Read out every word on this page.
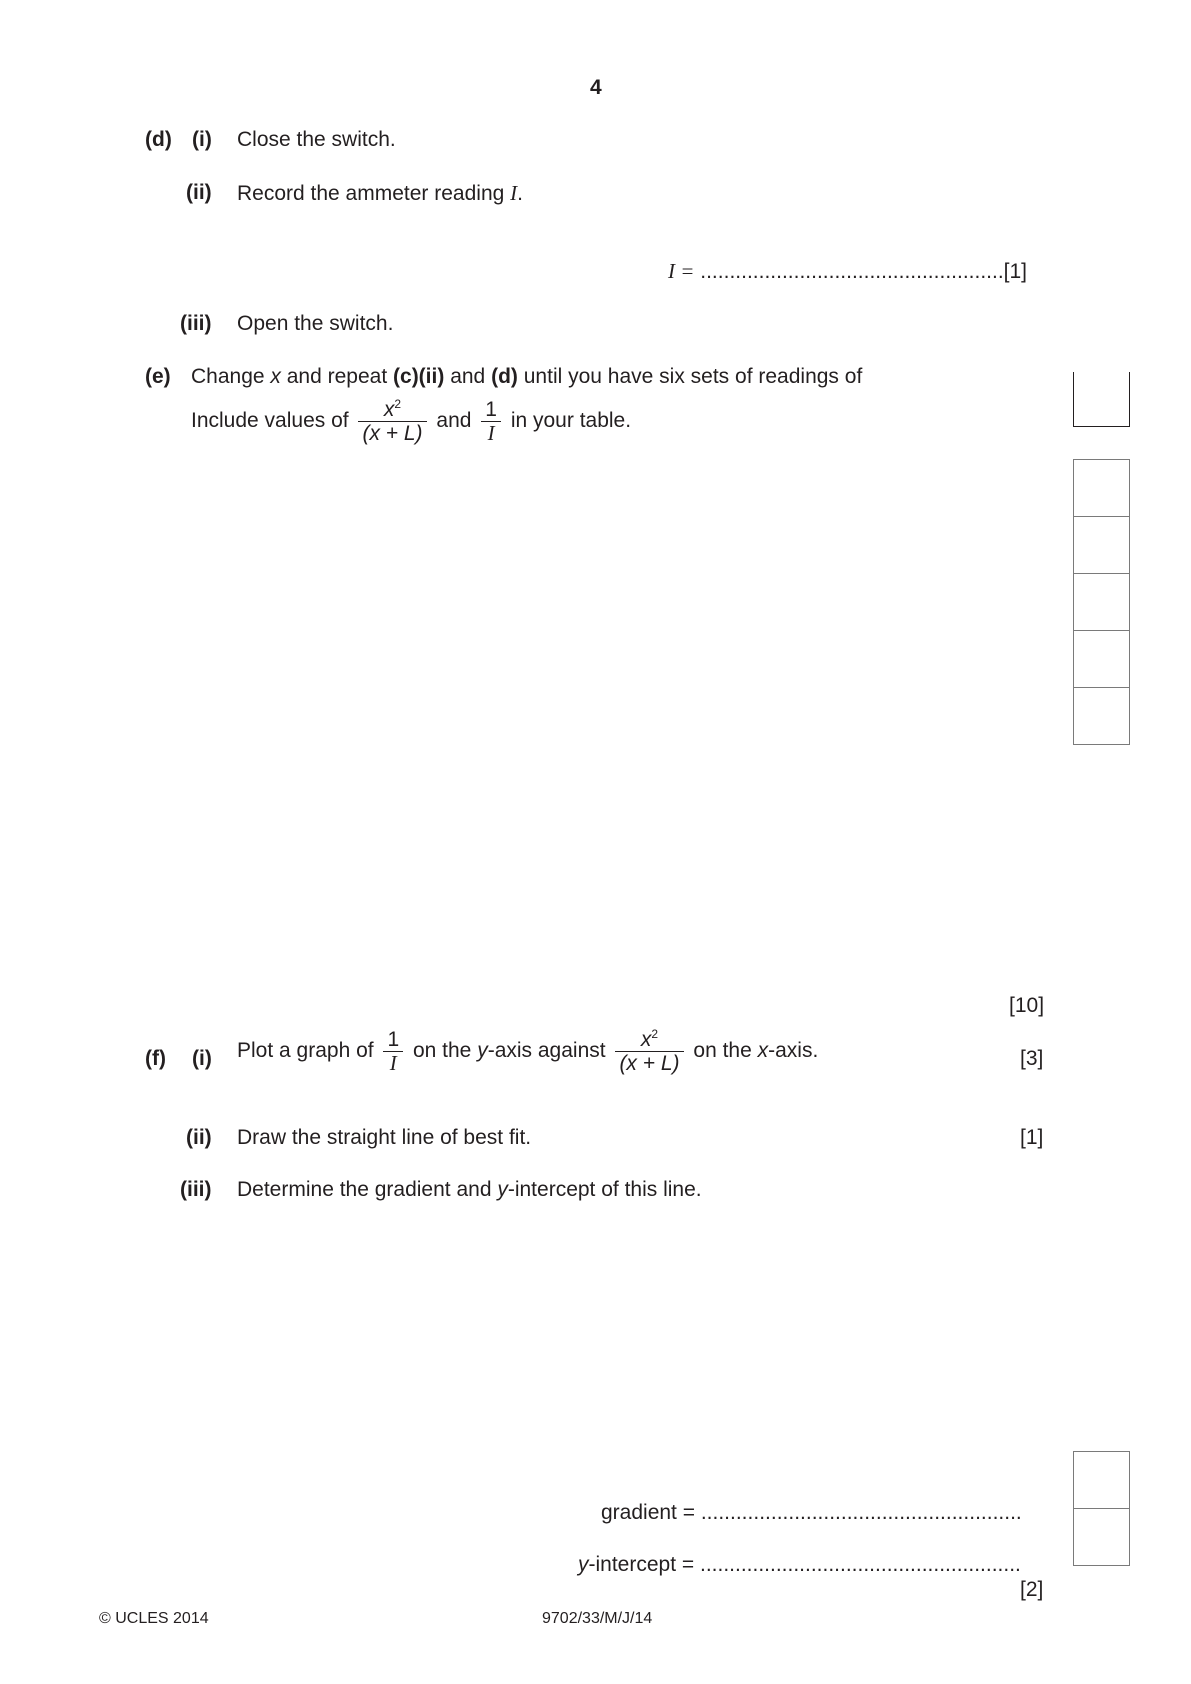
4
(d) (i) Close the switch.
(ii) Record the ammeter reading I.
I = ....................................................[1]
(iii) Open the switch.
(e) Change x and repeat (c)(ii) and (d) until you have six sets of readings of
Include values of $\frac{x^2}{(x + L)}$ and $\frac{1}{I}$ in your table.
[10]
(f) (i) Plot a graph of $\frac{1}{I}$ on the y-axis against $\frac{x^2}{(x + L)}$ on the x-axis.	[3]
(ii) Draw the straight line of best fit.	[1]
(iii) Determine the gradient and y-intercept of this line.
gradient = .......................................................
y-intercept = .......................................................
[2]
© UCLES 2014	9702/33/M/J/14
